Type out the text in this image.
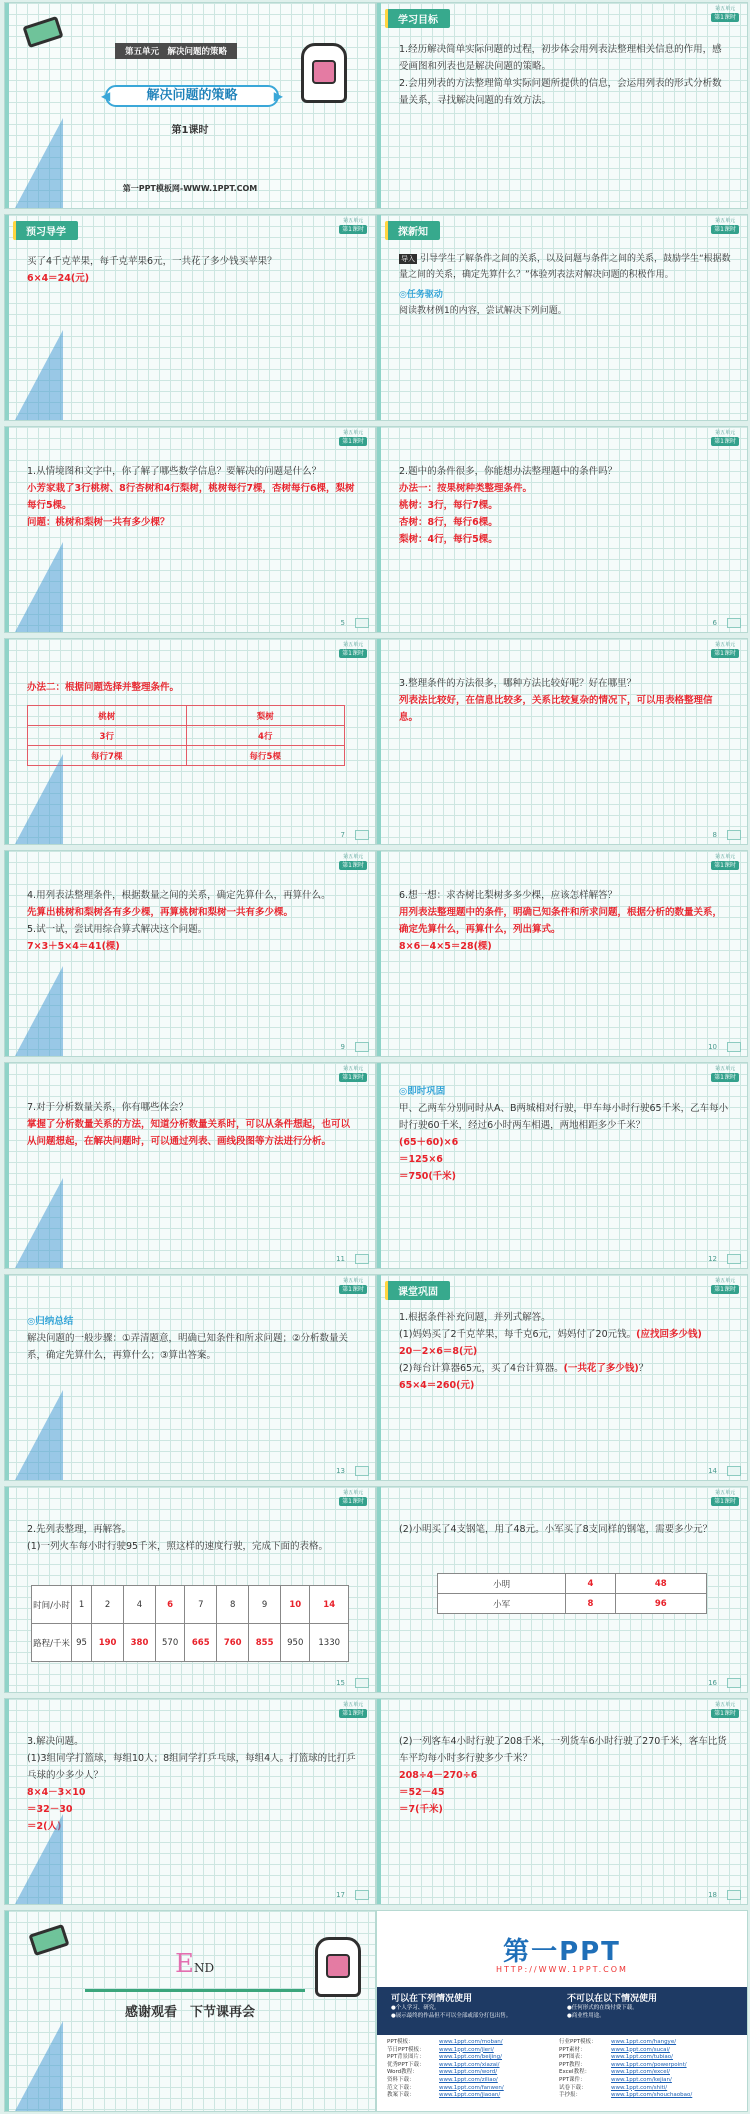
第五单元　解决问题的策略
◀	解决问题的策略	▶
第1课时
第一PPT模板网-WWW.1PPT.COM
第五单元
第1课时
学习目标

1.经历解决简单实际问题的过程，初步体会用列表法整理相关信息的作用，感受画图和列表也是解决问题的策略。

2.会用列表的方法整理简单实际问题所提供的信息，会运用列表的形式分析数量关系，寻找解决问题的有效方法。

第五单元
第1课时
预习导学

买了4千克苹果，每千克苹果6元，一共花了多少钱买苹果？

6×4＝24(元)

第五单元
第1课时
探新知

导入 引导学生了解条件之间的关系，以及问题与条件之间的关系，鼓励学生“根据数量之间的关系，确定先算什么？”体验列表法对解决问题的积极作用。

◎任务驱动

阅读教材例1的内容，尝试解决下列问题。

第五单元
第1课时

1.从情境图和文字中，你了解了哪些数学信息？要解决的问题是什么？

小芳家栽了3行桃树、8行杏树和4行梨树，桃树每行7棵，杏树每行6棵，梨树每行5棵。

问题：桃树和梨树一共有多少棵？

5
第五单元
第1课时

2.题中的条件很多，你能想办法整理题中的条件吗？

办法一：按果树种类整理条件。

桃树：3行，每行7棵。

杏树：8行，每行6棵。

梨树：4行，每行5棵。

6
第五单元
第1课时

办法二：根据问题选择并整理条件。

桃树	梨树
3行	4行
每行7棵	每行5棵
7
第五单元
第1课时

3.整理条件的方法很多，哪种方法比较好呢？好在哪里？

列表法比较好，在信息比较多，关系比较复杂的情况下，可以用表格整理信息。

8
第五单元
第1课时

4.用列表法整理条件，根据数量之间的关系，确定先算什么，再算什么。

先算出桃树和梨树各有多少棵，再算桃树和梨树一共有多少棵。

5.试一试，尝试用综合算式解决这个问题。

7×3＋5×4＝41(棵)

9
第五单元
第1课时

6.想一想：求杏树比梨树多多少棵，应该怎样解答？

用列表法整理题中的条件，明确已知条件和所求问题，根据分析的数量关系，确定先算什么，再算什么，列出算式。

8×6－4×5＝28(棵)

10
第五单元
第1课时

7.对于分析数量关系，你有哪些体会？

掌握了分析数量关系的方法，知道分析数量关系时，可以从条件想起，也可以从问题想起，在解决问题时，可以通过列表、画线段图等方法进行分析。

11
第五单元
第1课时

◎即时巩固

甲、乙两车分别同时从A、B两城相对行驶，甲车每小时行驶65千米，乙车每小时行驶60千米，经过6小时两车相遇，两地相距多少千米？

(65＋60)×6

＝125×6

＝750(千米)

12
第五单元
第1课时

◎归纳总结

解决问题的一般步骤：①弄清题意，明确已知条件和所求问题；②分析数量关系，确定先算什么，再算什么；③算出答案。

13
第五单元
第1课时
课堂巩固

1.根据条件补充问题，并列式解答。

(1)妈妈买了2千克苹果，每千克6元，妈妈付了20元钱。(应找回多少钱)

20－2×6＝8(元)

(2)每台计算器65元，买了4台计算器。(一共花了多少钱)？

65×4＝260(元)

14
第五单元
第1课时

2.先列表整理，再解答。

(1)一列火车每小时行驶95千米，照这样的速度行驶，完成下面的表格。

时间/小时	1	2	4	6	7	8	9	10	14
路程/千米	95	190	380	570	665	760	855	950	1330
15
第五单元
第1课时

(2)小明买了4支钢笔，用了48元。小军买了8支同样的钢笔，需要多少元？

小明	4	48
小军	8	96
16
第五单元
第1课时

3.解决问题。

(1)3组同学打篮球，每组10人；8组同学打乒乓球，每组4人。打篮球的比打乒乓球的少多少人？

8×4－3×10

＝32－30

＝2(人)

17
第五单元
第1课时

(2)一列客车4小时行驶了208千米，一列货车6小时行驶了270千米，客车比货车平均每小时多行驶多少千米？

208÷4－270÷6

＝52－45

＝7(千米)

18
END
感谢观看　下节课再会
第一PPT
HTTP://WWW.1PPT.COM
可以在下列情况使用
●个人学习、研究。
●展示最终的作品但不可以全部或部分打包出售。
不可以在以下情况使用
●任何形式的在线付费下载。
●商业性用途。
PPT模板：	www.1ppt.com/moban/	行业PPT模板：	www.1ppt.com/hangye/
节日PPT模板：	www.1ppt.com/jieri/	PPT素材：	www.1ppt.com/sucai/
PPT背景图片：	www.1ppt.com/beijing/	PPT图表：	www.1ppt.com/tubiao/
优秀PPT下载：	www.1ppt.com/xiazai/	PPT教程：	www.1ppt.com/powerpoint/
Word教程：	www.1ppt.com/word/	Excel教程：	www.1ppt.com/excel/
资料下载：	www.1ppt.com/ziliao/	PPT课件：	www.1ppt.com/kejian/
范文下载：	www.1ppt.com/fanwen/	试卷下载：	www.1ppt.com/shiti/
教案下载：	www.1ppt.com/jiaoan/	手抄报：	www.1ppt.com/shouchaobao/
